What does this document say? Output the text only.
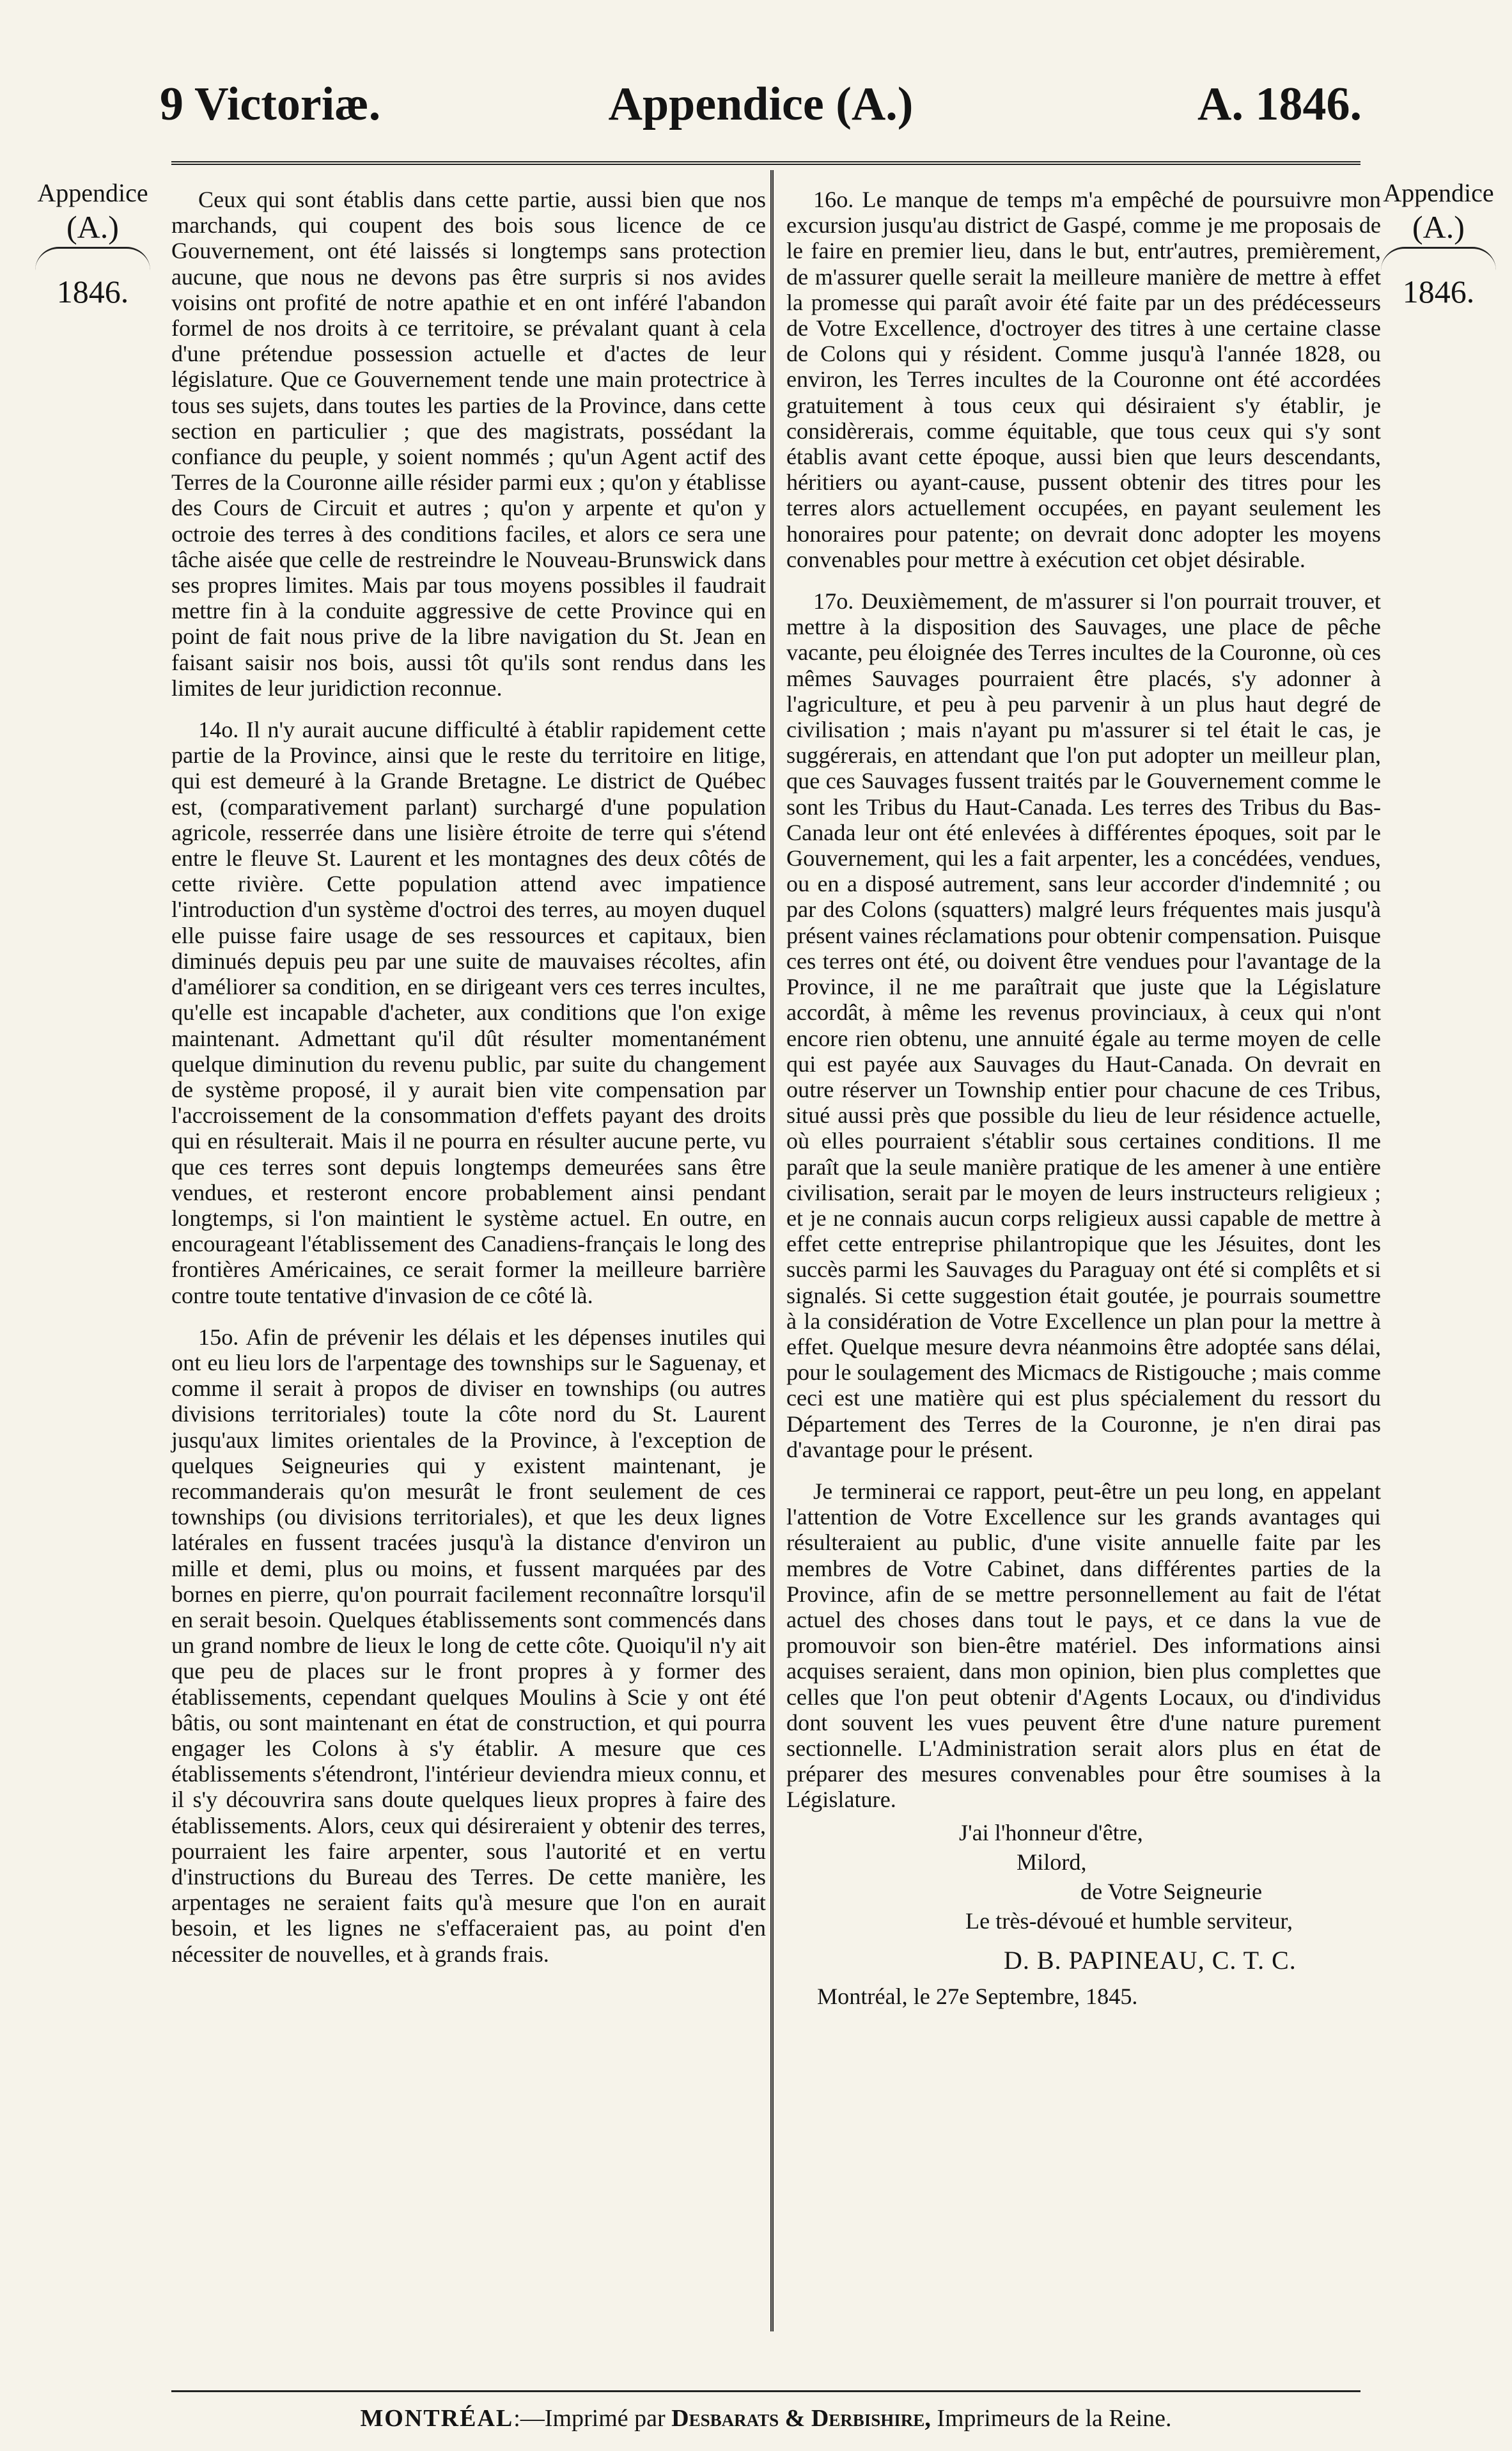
9 Victoriæ.	Appendice (A.)	A. 1846.
Appendice
(A.)
1846.
Appendice
(A.)
1846.

Ceux qui sont établis dans cette partie, aussi bien que nos marchands, qui coupent des bois sous licence de ce Gouvernement, ont été laissés si longtemps sans protection aucune, que nous ne devons pas être surpris si nos avides voisins ont profité de notre apathie et en ont inféré l'abandon formel de nos droits à ce territoire, se prévalant quant à cela d'une prétendue possession actuelle et d'actes de leur législature. Que ce Gouvernement tende une main protectrice à tous ses sujets, dans toutes les parties de la Province, dans cette section en particulier ; que des magistrats, possédant la confiance du peuple, y soient nommés ; qu'un Agent actif des Terres de la Couronne aille résider parmi eux ; qu'on y établisse des Cours de Circuit et autres ; qu'on y arpente et qu'on y octroie des terres à des conditions faciles, et alors ce sera une tâche aisée que celle de restreindre le Nouveau-Brunswick dans ses propres limites. Mais par tous moyens possibles il faudrait mettre fin à la conduite aggressive de cette Province qui en point de fait nous prive de la libre navigation du St. Jean en faisant saisir nos bois, aussi tôt qu'ils sont rendus dans les limites de leur juridiction reconnue.

14o. Il n'y aurait aucune difficulté à établir rapidement cette partie de la Province, ainsi que le reste du territoire en litige, qui est demeuré à la Grande Bretagne. Le district de Québec est, (comparativement parlant) surchargé d'une population agricole, resserrée dans une lisière étroite de terre qui s'étend entre le fleuve St. Laurent et les montagnes des deux côtés de cette rivière. Cette population attend avec impatience l'introduction d'un système d'octroi des terres, au moyen duquel elle puisse faire usage de ses ressources et capitaux, bien diminués depuis peu par une suite de mauvaises récoltes, afin d'améliorer sa condition, en se dirigeant vers ces terres incultes, qu'elle est incapable d'acheter, aux conditions que l'on exige maintenant. Admettant qu'il dût résulter momentanément quelque diminution du revenu public, par suite du changement de système proposé, il y aurait bien vite compensation par l'accroissement de la consommation d'effets payant des droits qui en résulterait. Mais il ne pourra en résulter aucune perte, vu que ces terres sont depuis longtemps demeurées sans être vendues, et resteront encore probablement ainsi pendant longtemps, si l'on maintient le système actuel. En outre, en encourageant l'établissement des Canadiens-français le long des frontières Américaines, ce serait former la meilleure barrière contre toute tentative d'invasion de ce côté là.

15o. Afin de prévenir les délais et les dépenses inutiles qui ont eu lieu lors de l'arpentage des townships sur le Saguenay, et comme il serait à propos de diviser en townships (ou autres divisions territoriales) toute la côte nord du St. Laurent jusqu'aux limites orientales de la Province, à l'exception de quelques Seigneuries qui y existent maintenant, je recommanderais qu'on mesurât le front seulement de ces townships (ou divisions territoriales), et que les deux lignes latérales en fussent tracées jusqu'à la distance d'environ un mille et demi, plus ou moins, et fussent marquées par des bornes en pierre, qu'on pourrait facilement reconnaître lorsqu'il en serait besoin. Quelques établissements sont commencés dans un grand nombre de lieux le long de cette côte. Quoiqu'il n'y ait que peu de places sur le front propres à y former des établissements, cependant quelques Moulins à Scie y ont été bâtis, ou sont maintenant en état de construction, et qui pourra engager les Colons à s'y établir. A mesure que ces établissements s'étendront, l'intérieur deviendra mieux connu, et il s'y découvrira sans doute quelques lieux propres à faire des établissements. Alors, ceux qui désireraient y obtenir des terres, pourraient les faire arpenter, sous l'autorité et en vertu d'instructions du Bureau des Terres. De cette manière, les arpentages ne seraient faits qu'à mesure que l'on en aurait besoin, et les lignes ne s'effaceraient pas, au point d'en nécessiter de nouvelles, et à grands frais.

16o. Le manque de temps m'a empêché de poursuivre mon excursion jusqu'au district de Gaspé, comme je me proposais de le faire en premier lieu, dans le but, entr'autres, premièrement, de m'assurer quelle serait la meilleure manière de mettre à effet la promesse qui paraît avoir été faite par un des prédécesseurs de Votre Excellence, d'octroyer des titres à une certaine classe de Colons qui y résident. Comme jusqu'à l'année 1828, ou environ, les Terres incultes de la Couronne ont été accordées gratuitement à tous ceux qui désiraient s'y établir, je considèrerais, comme équitable, que tous ceux qui s'y sont établis avant cette époque, aussi bien que leurs descendants, héritiers ou ayant-cause, pussent obtenir des titres pour les terres alors actuellement occupées, en payant seulement les honoraires pour patente; on devrait donc adopter les moyens convenables pour mettre à exécution cet objet désirable.

17o. Deuxièmement, de m'assurer si l'on pourrait trouver, et mettre à la disposition des Sauvages, une place de pêche vacante, peu éloignée des Terres incultes de la Couronne, où ces mêmes Sauvages pourraient être placés, s'y adonner à l'agriculture, et peu à peu parvenir à un plus haut degré de civilisation ; mais n'ayant pu m'assurer si tel était le cas, je suggérerais, en attendant que l'on put adopter un meilleur plan, que ces Sauvages fussent traités par le Gouvernement comme le sont les Tribus du Haut-Canada. Les terres des Tribus du Bas-Canada leur ont été enlevées à différentes époques, soit par le Gouvernement, qui les a fait arpenter, les a concédées, vendues, ou en a disposé autrement, sans leur accorder d'indemnité ; ou par des Colons (squatters) malgré leurs fréquentes mais jusqu'à présent vaines réclamations pour obtenir compensation. Puisque ces terres ont été, ou doivent être vendues pour l'avantage de la Province, il ne me paraîtrait que juste que la Législature accordât, à même les revenus provinciaux, à ceux qui n'ont encore rien obtenu, une annuité égale au terme moyen de celle qui est payée aux Sauvages du Haut-Canada. On devrait en outre réserver un Township entier pour chacune de ces Tribus, situé aussi près que possible du lieu de leur résidence actuelle, où elles pourraient s'établir sous certaines conditions. Il me paraît que la seule manière pratique de les amener à une entière civilisation, serait par le moyen de leurs instructeurs religieux ; et je ne connais aucun corps religieux aussi capable de mettre à effet cette entreprise philantropique que les Jésuites, dont les succès parmi les Sauvages du Paraguay ont été si complêts et si signalés. Si cette suggestion était goutée, je pourrais soumettre à la considération de Votre Excellence un plan pour la mettre à effet. Quelque mesure devra néanmoins être adoptée sans délai, pour le soulagement des Micmacs de Ristigouche ; mais comme ceci est une matière qui est plus spécialement du ressort du Département des Terres de la Couronne, je n'en dirai pas d'avantage pour le présent.

Je terminerai ce rapport, peut-être un peu long, en appelant l'attention de Votre Excellence sur les grands avantages qui résulteraient au public, d'une visite annuelle faite par les membres de Votre Cabinet, dans différentes parties de la Province, afin de se mettre personnellement au fait de l'état actuel des choses dans tout le pays, et ce dans la vue de promouvoir son bien-être matériel. Des informations ainsi acquises seraient, dans mon opinion, bien plus complettes que celles que l'on peut obtenir d'Agents Locaux, ou d'individus dont souvent les vues peuvent être d'une nature purement sectionnelle. L'Administration serait alors plus en état de préparer des mesures convenables pour être soumises à la Législature.

J'ai l'honneur d'être,
Milord,
de Votre Seigneurie
Le très-dévoué et humble serviteur,
D. B. PAPINEAU, C. T. C.
Montréal, le 27e Septembre, 1845.
MONTRÉAL:—Imprimé par Desbarats & Derbishire, Imprimeurs de la Reine.
